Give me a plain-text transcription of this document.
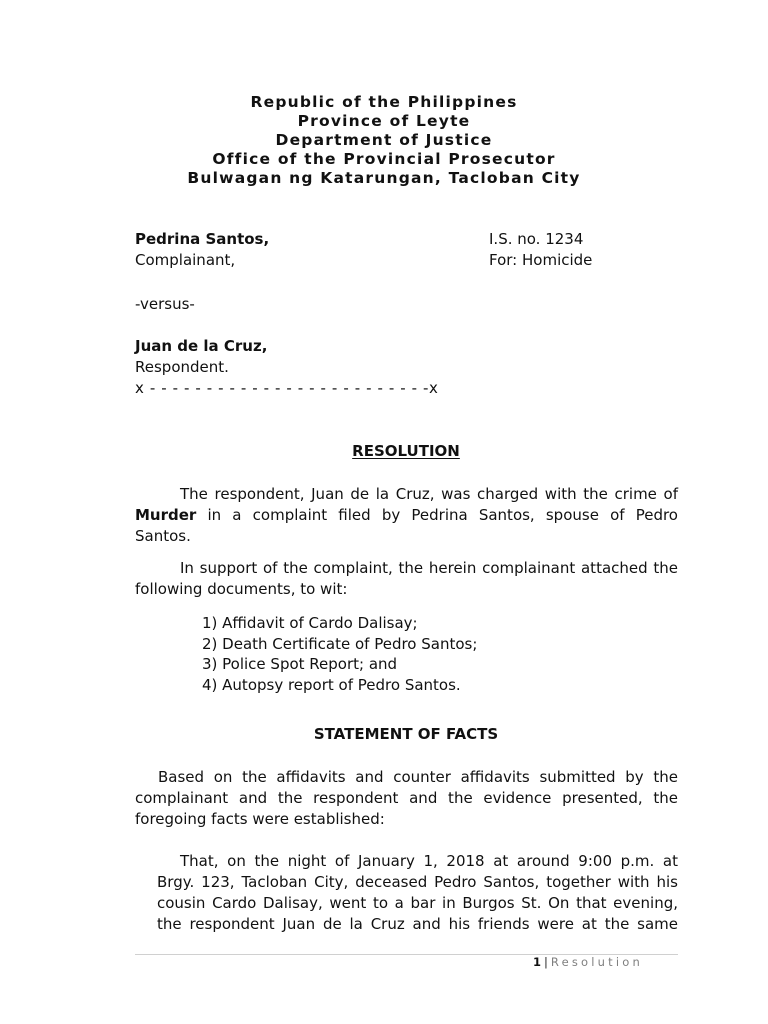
Republic of the Philippines
Province of Leyte
Department of Justice
Office of the Provincial Prosecutor
Bulwagan ng Katarungan, Tacloban City
Pedrina Santos,
Complainant,
I.S. no. 1234
For: Homicide
-versus-
Juan de la Cruz,
Respondent.
x - - - - - - - - - - - - - - - - - - - - - - - - -x
RESOLUTION
The respondent, Juan de la Cruz, was charged with the crime of
Murder in a complaint filed by Pedrina Santos, spouse of Pedro
Santos.
In support of the complaint, the herein complainant attached the
following documents, to wit:
1) Affidavit of Cardo Dalisay;
2) Death Certificate of Pedro Santos;
3) Police Spot Report; and
4) Autopsy report of Pedro Santos.
STATEMENT OF FACTS
Based on the affidavits and counter affidavits submitted by the
complainant and the respondent and the evidence presented, the
foregoing facts were established:
That, on the night of January 1, 2018 at around 9:00 p.m. at
Brgy. 123, Tacloban City, deceased Pedro Santos, together with his
cousin Cardo Dalisay, went to a bar in Burgos St. On that evening,
the respondent Juan de la Cruz and his friends were at the same
1 | Resolution
